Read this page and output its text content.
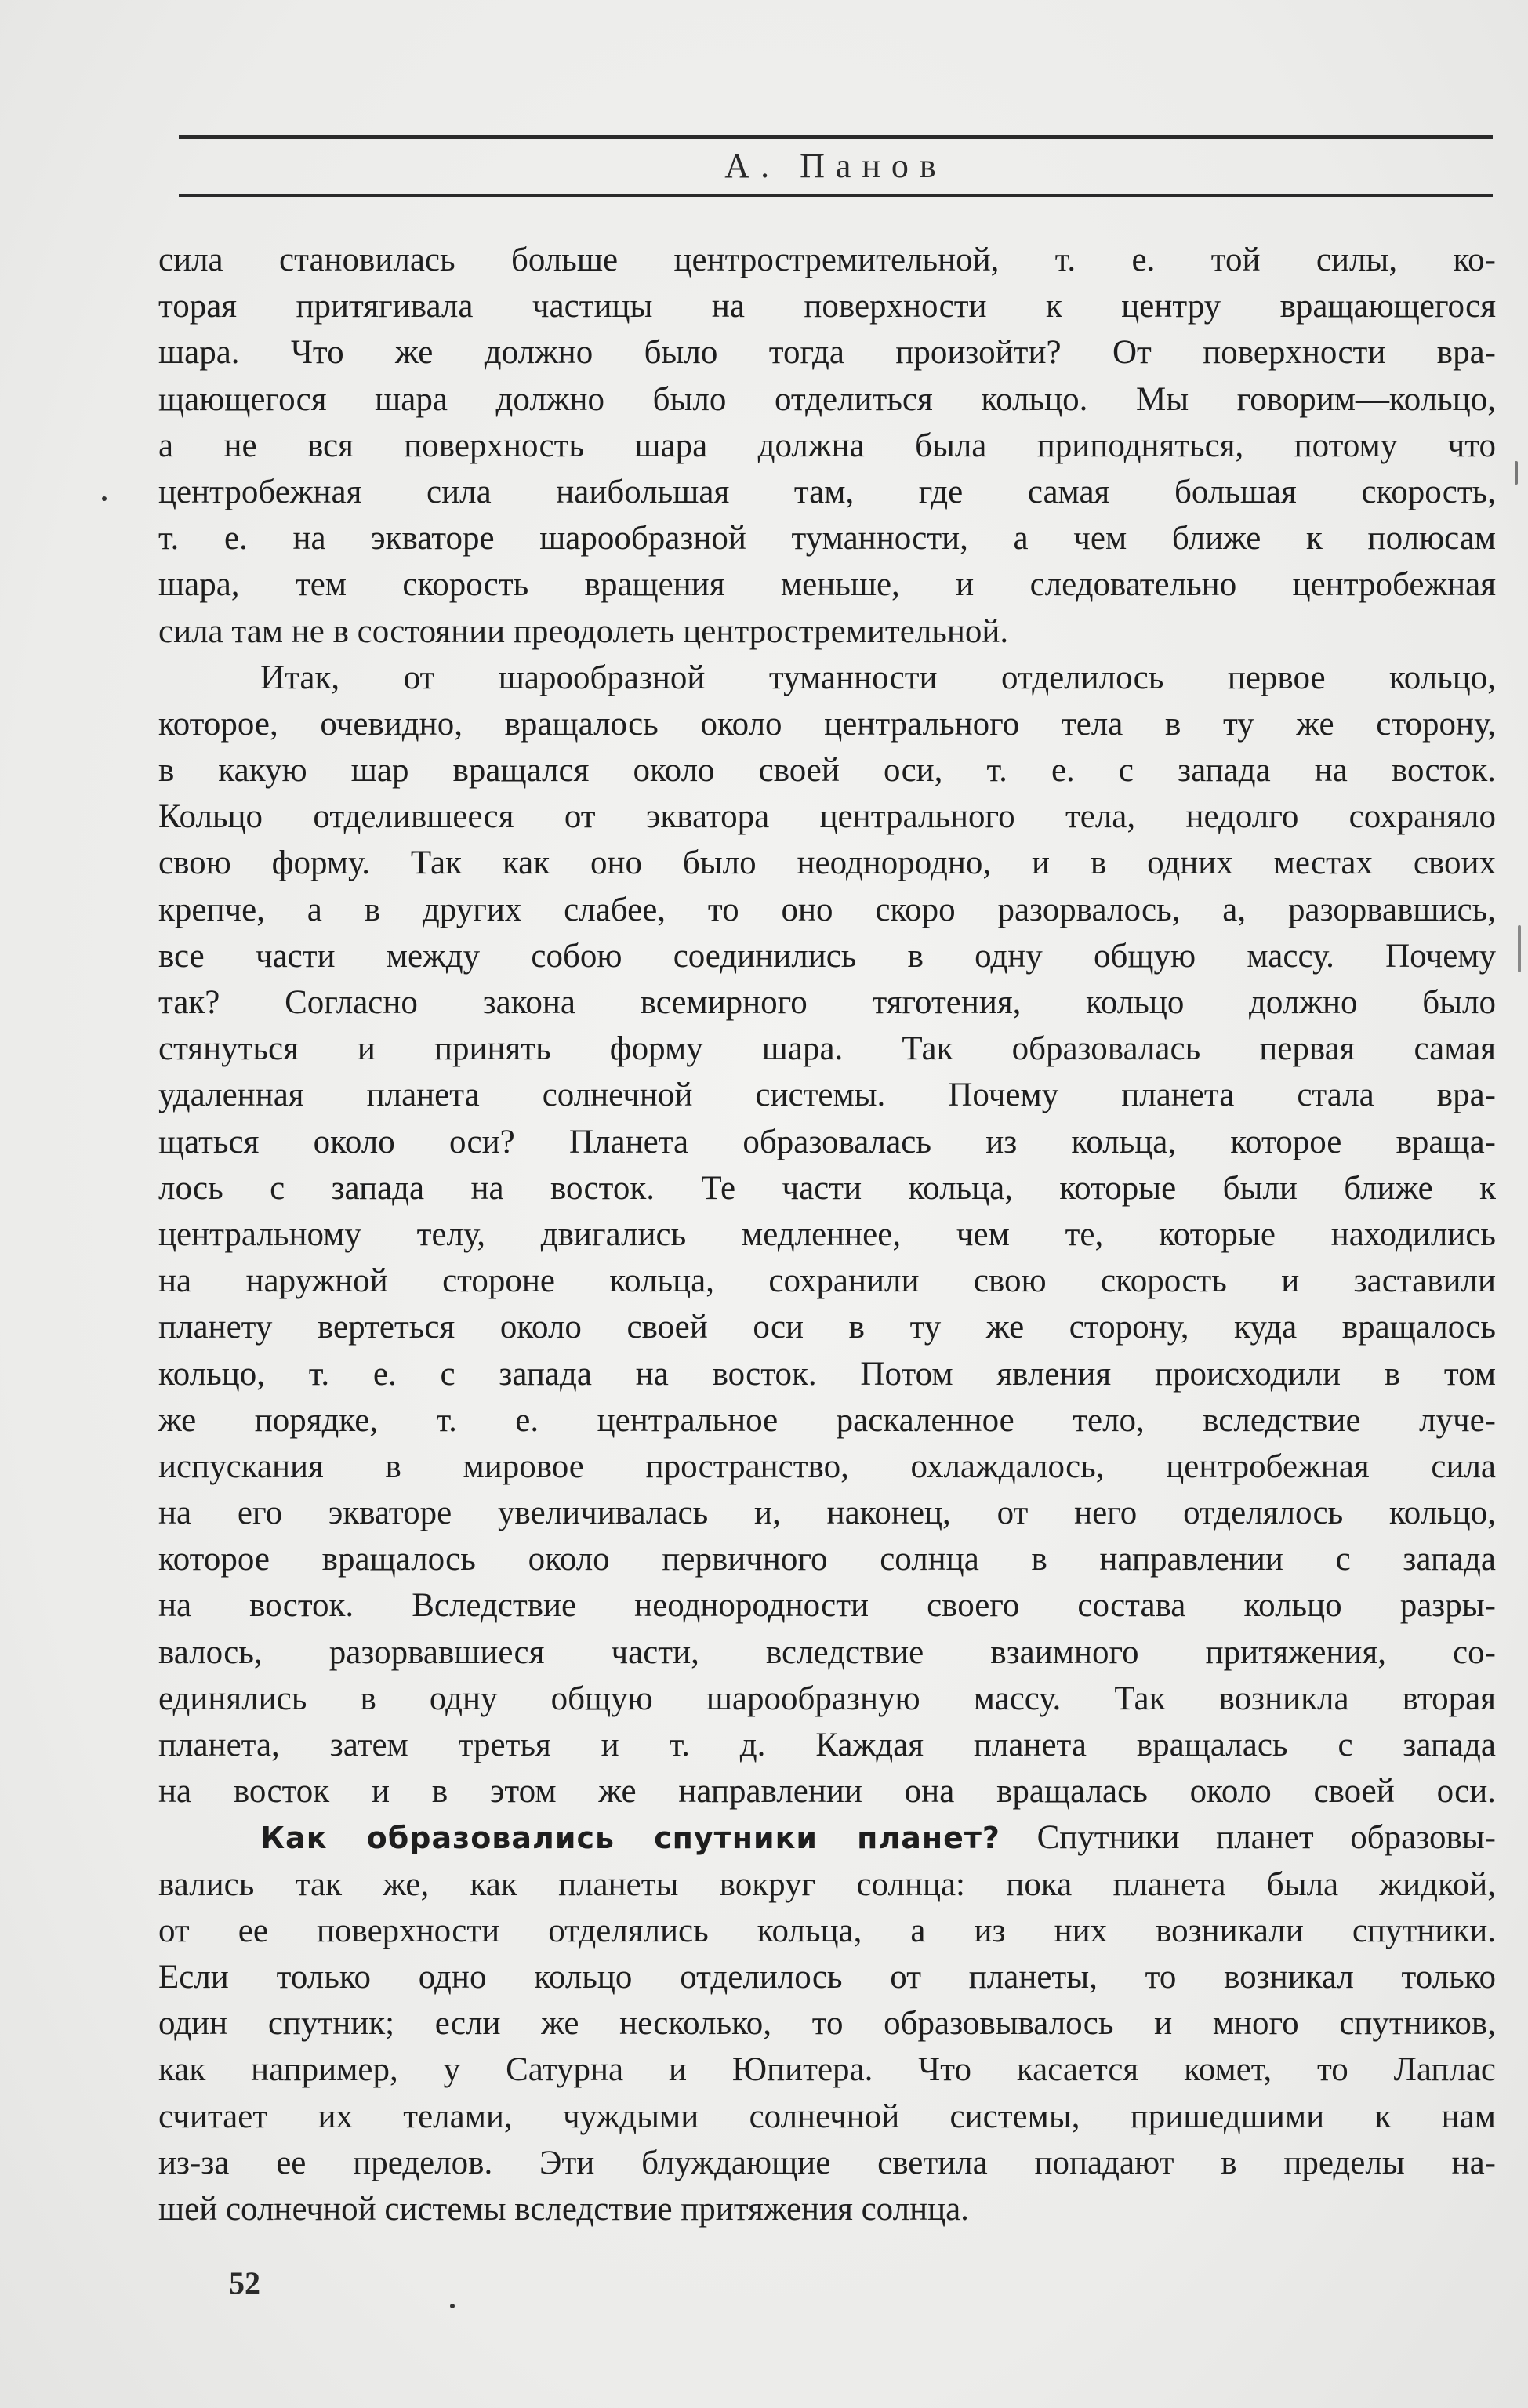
А. Панов
сила становилась больше центростремительной, т. е. той силы, ко-
торая притягивала частицы на поверхности к центру вращающегося
шара. Что же должно было тогда произойти? От поверхности вра-
щающегося шара должно было отделиться кольцо. Мы говорим—кольцо,
а не вся поверхность шара должна была приподняться, потому что
центробежная сила наибольшая там, где самая большая скорость,
т. е. на экваторе шарообразной туманности, а чем ближе к полюсам
шара, тем скорость вращения меньше, и следовательно центробежная
сила там не в состоянии преодолеть центростремительной.
Итак, от шарообразной туманности отделилось первое кольцо,
которое, очевидно, вращалось около центрального тела в ту же сторону,
в какую шар вращался около своей оси, т. е. с запада на восток.
Кольцо отделившееся от экватора центрального тела, недолго сохраняло
свою форму. Так как оно было неоднородно, и в одних местах своих
крепче, а в других слабее, то оно скоро разорвалось, а, разорвавшись,
все части между собою соединились в одну общую массу. Почему
так? Согласно закона всемирного тяготения, кольцо должно было
стянуться и принять форму шара. Так образовалась первая самая
удаленная планета солнечной системы. Почему планета стала вра-
щаться около оси? Планета образовалась из кольца, которое враща-
лось с запада на восток. Те части кольца, которые были ближе к
центральному телу, двигались медленнее, чем те, которые находились
на наружной стороне кольца, сохранили свою скорость и заставили
планету вертеться около своей оси в ту же сторону, куда вращалось
кольцо, т. е. с запада на восток. Потом явления происходили в том
же порядке, т. е. центральное раскаленное тело, вследствие луче-
испускания в мировое пространство, охлаждалось, центробежная сила
на его экваторе увеличивалась и, наконец, от него отделялось кольцо,
которое вращалось около первичного солнца в направлении с запада
на восток. Вследствие неоднородности своего состава кольцо разры-
валось, разорвавшиеся части, вследствие взаимного притяжения, со-
единялись в одну общую шарообразную массу. Так возникла вторая
планета, затем третья и т. д. Каждая планета вращалась с запада
на восток и в этом же направлении она вращалась около своей оси.
Как образовались спутники планет? Спутники планет образовы-
вались так же, как планеты вокруг солнца: пока планета была жидкой,
от ее поверхности отделялись кольца, а из них возникали спутники.
Если только одно кольцо отделилось от планеты, то возникал только
один спутник; если же несколько, то образовывалось и много спутников,
как например, у Сатурна и Юпитера. Что касается комет, то Лаплас
считает их телами, чуждыми солнечной системы, пришедшими к нам
из-за ее пределов. Эти блуждающие светила попадают в пределы на-
шей солнечной системы вследствие притяжения солнца.
52
